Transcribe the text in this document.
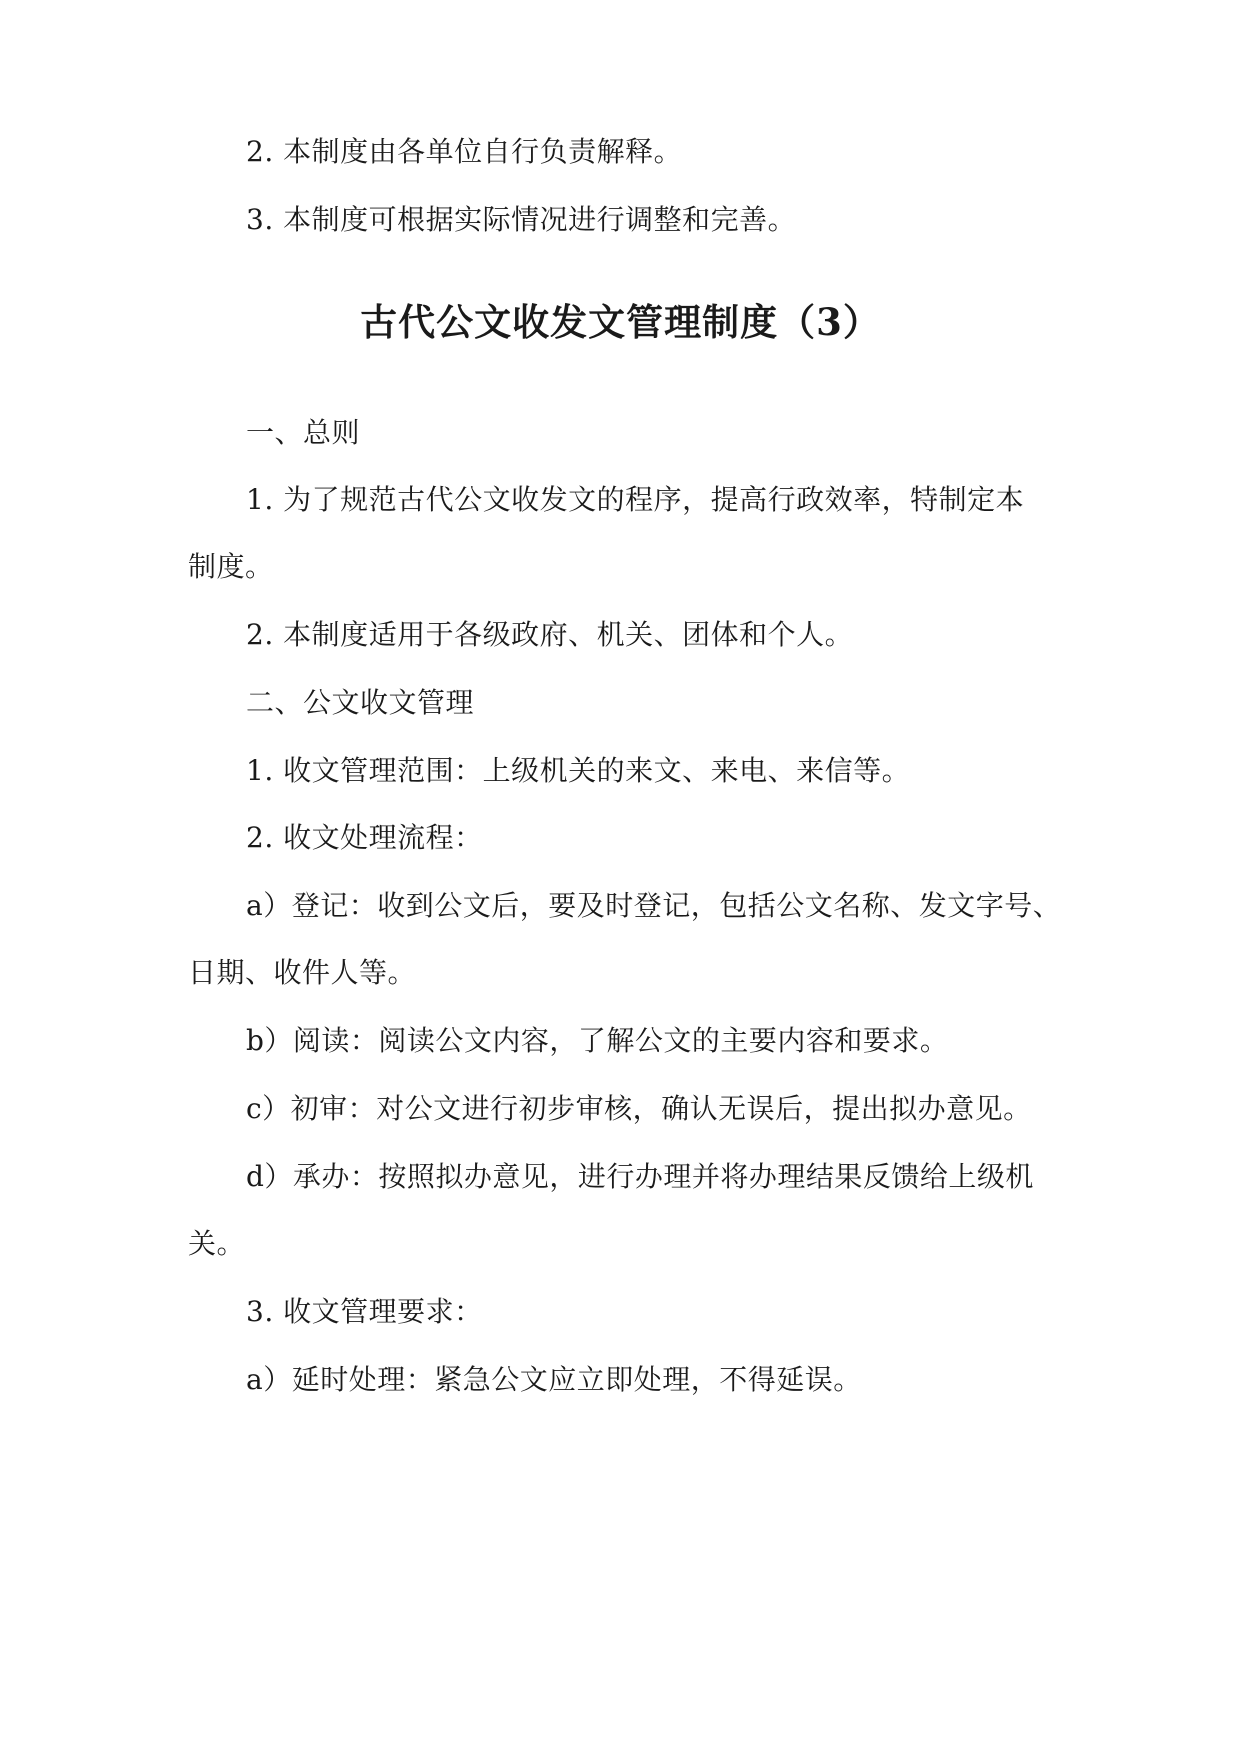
2. 本制度由各单位自行负责解释。
3. 本制度可根据实际情况进行调整和完善。
古代公文收发文管理制度（3）
一、总则
1. 为了规范古代公文收发文的程序，提高行政效率，特制定本
制度。
2. 本制度适用于各级政府、机关、团体和个人。
二、公文收文管理
1. 收文管理范围：上级机关的来文、来电、来信等。
2. 收文处理流程：
a）登记：收到公文后，要及时登记，包括公文名称、发文字号、
日期、收件人等。
b）阅读：阅读公文内容，了解公文的主要内容和要求。
c）初审：对公文进行初步审核，确认无误后，提出拟办意见。
d）承办：按照拟办意见，进行办理并将办理结果反馈给上级机
关。
3. 收文管理要求：
a）延时处理：紧急公文应立即处理，不得延误。
